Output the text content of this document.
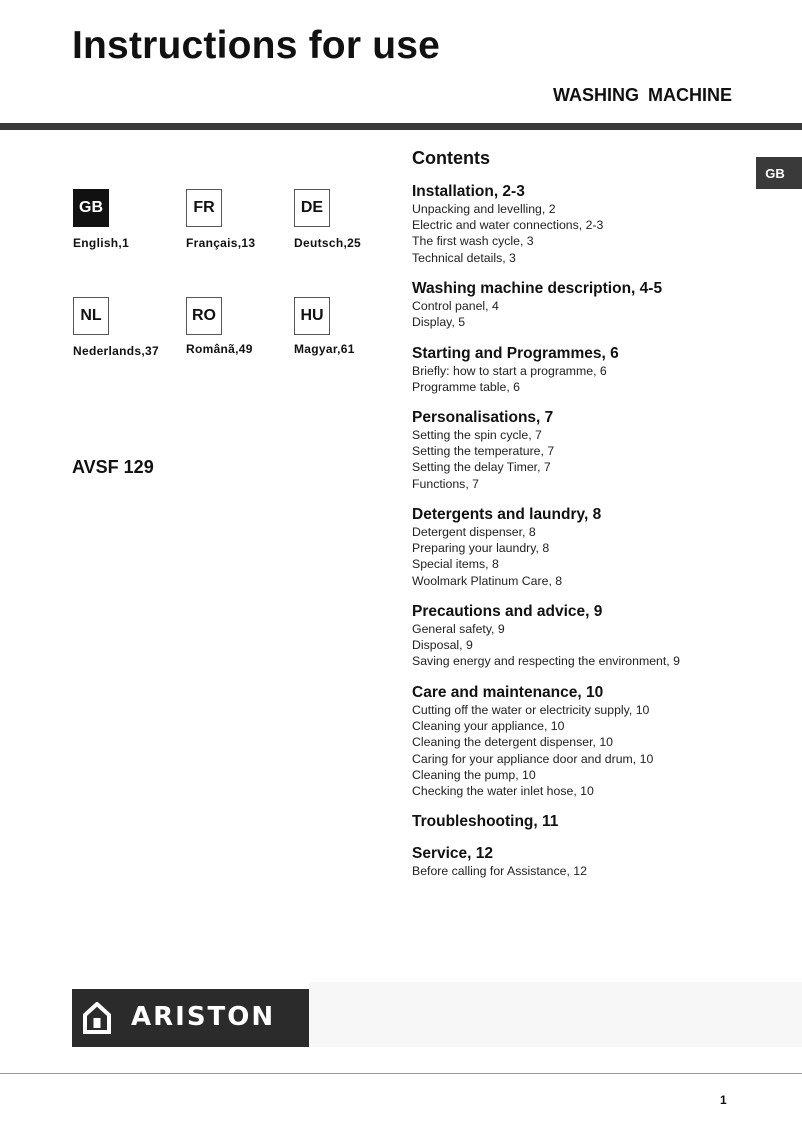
Instructions for use
WASHING MACHINE
GB
GB
English,1
FR
Français,13
DE
Deutsch,25
NL
Nederlands,37
RO
Românã,49
HU
Magyar,61
AVSF 129
Contents
Installation, 2-3
Unpacking and levelling, 2
Electric and water connections, 2-3
The first wash cycle, 3
Technical details, 3
Washing machine description, 4-5
Control panel, 4
Display, 5
Starting and Programmes, 6
Briefly: how to start a programme, 6
Programme table, 6
Personalisations, 7
Setting the spin cycle, 7
Setting the temperature, 7
Setting the delay Timer, 7
Functions, 7
Detergents and laundry, 8
Detergent dispenser, 8
Preparing your laundry, 8
Special items, 8
Woolmark Platinum Care, 8
Precautions and advice, 9
General safety, 9
Disposal, 9
Saving energy and respecting the environment, 9
Care and maintenance, 10
Cutting off the water or electricity supply, 10
Cleaning your appliance, 10
Cleaning the detergent dispenser, 10
Caring for your appliance door and drum, 10
Cleaning the pump, 10
Checking the water inlet hose, 10
Troubleshooting, 11
Service, 12
Before calling for Assistance, 12
ARISTON
1
